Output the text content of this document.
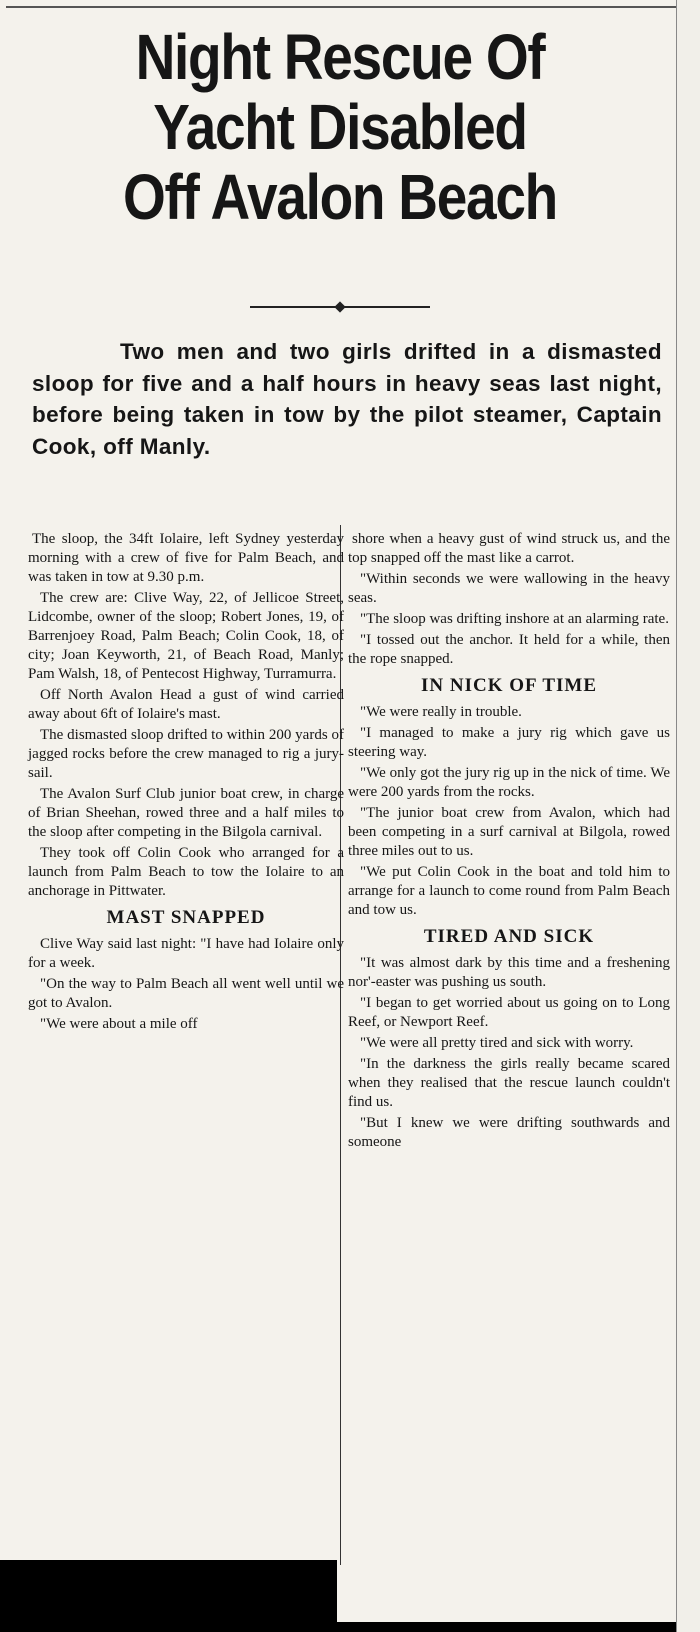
Night Rescue Of
Yacht Disabled
Off Avalon Beach

Two men and two girls drifted in a dismasted sloop for five and a half hours in heavy seas last night, before being taken in tow by the pilot steamer, Captain Cook, off Manly.

The sloop, the 34ft Iolaire, left Sydney yesterday morning with a crew of five for Palm Beach, and was taken in tow at 9.30 p.m.

The crew are: Clive Way, 22, of Jellicoe Street, Lidcombe, owner of the sloop; Robert Jones, 19, of Barrenjoey Road, Palm Beach; Colin Cook, 18, of city; Joan Keyworth, 21, of Beach Road, Manly; Pam Walsh, 18, of Pentecost Highway, Turramurra.

Off North Avalon Head a gust of wind carried away about 6ft of Iolaire's mast.

The dismasted sloop drifted to within 200 yards of jagged rocks before the crew managed to rig a jury-sail.

The Avalon Surf Club junior boat crew, in charge of Brian Sheehan, rowed three and a half miles to the sloop after competing in the Bilgola carnival.

They took off Colin Cook who arranged for a launch from Palm Beach to tow the Iolaire to an anchorage in Pittwater.

MAST SNAPPED

Clive Way said last night: "I have had Iolaire only for a week.

"On the way to Palm Beach all went well until we got to Avalon.

"We were about a mile off

shore when a heavy gust of wind struck us, and the top snapped off the mast like a carrot.

"Within seconds we were wallowing in the heavy seas.

"The sloop was drifting inshore at an alarming rate.

"I tossed out the anchor. It held for a while, then the rope snapped.

IN NICK OF TIME

"We were really in trouble.

"I managed to make a jury rig which gave us steering way.

"We only got the jury rig up in the nick of time. We were 200 yards from the rocks.

"The junior boat crew from Avalon, which had been competing in a surf carnival at Bilgola, rowed three miles out to us.

"We put Colin Cook in the boat and told him to arrange for a launch to come round from Palm Beach and tow us.

TIRED AND SICK

"It was almost dark by this time and a freshening nor'-easter was pushing us south.

"I began to get worried about us going on to Long Reef, or Newport Reef.

"We were all pretty tired and sick with worry.

"In the darkness the girls really became scared when they realised that the rescue launch couldn't find us.

"But I knew we were drifting southwards and someone
